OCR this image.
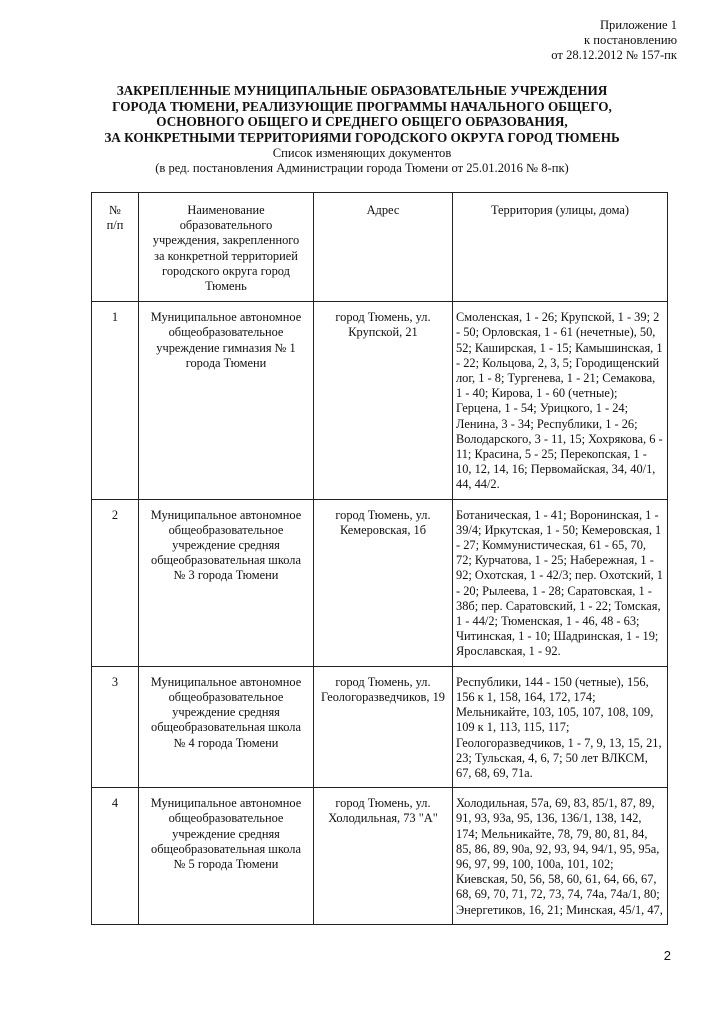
Приложение 1
к постановлению
от 28.12.2012 № 157-пк
ЗАКРЕПЛЕННЫЕ МУНИЦИПАЛЬНЫЕ ОБРАЗОВАТЕЛЬНЫЕ УЧРЕЖДЕНИЯ
ГОРОДА ТЮМЕНИ, РЕАЛИЗУЮЩИЕ ПРОГРАММЫ НАЧАЛЬНОГО ОБЩЕГО,
ОСНОВНОГО ОБЩЕГО И СРЕДНЕГО ОБЩЕГО ОБРАЗОВАНИЯ,
ЗА КОНКРЕТНЫМИ ТЕРРИТОРИЯМИ ГОРОДСКОГО ОКРУГА ГОРОД ТЮМЕНЬ
Список изменяющих документов
(в ред. постановления Администрации города Тюмени от 25.01.2016 № 8-пк)
№ п/п	Наименование образовательного учреждения, закрепленного за конкретной территорией городского округа город Тюмень	Адрес	Территория (улицы, дома)
1	Муниципальное автономное общеобразовательное учреждение гимназия № 1 города Тюмени	город Тюмень, ул. Крупской, 21	Смоленская, 1 - 26; Крупской, 1 - 39; 2 - 50; Орловская, 1 - 61 (нечетные), 50, 52; Каширская, 1 - 15; Камышинская, 1 - 22; Кольцова, 2, 3, 5; Городищенский лог, 1 - 8; Тургенева, 1 - 21; Семакова, 1 - 40; Кирова, 1 - 60 (четные); Герцена, 1 - 54; Урицкого, 1 - 24; Ленина, 3 - 34; Республики, 1 - 26; Володарского, 3 - 11, 15; Хохрякова, 6 - 11; Красина, 5 - 25; Перекопская, 1 - 10, 12, 14, 16; Первомайская, 34, 40/1, 44, 44/2.
2	Муниципальное автономное общеобразовательное учреждение средняя общеобразовательная школа № 3 города Тюмени	город Тюмень, ул. Кемеровская, 1б	Ботаническая, 1 - 41; Воронинская, 1 - 39/4; Иркутская, 1 - 50; Кемеровская, 1 - 27; Коммунистическая, 61 - 65, 70, 72; Курчатова, 1 - 25; Набережная, 1 - 92; Охотская, 1 - 42/3; пер. Охотский, 1 - 20; Рылеева, 1 - 28; Саратовская, 1 - 38б; пер. Саратовский, 1 - 22; Томская, 1 - 44/2; Тюменская, 1 - 46, 48 - 63; Читинская, 1 - 10; Шадринская, 1 - 19; Ярославская, 1 - 92.
3	Муниципальное автономное общеобразовательное учреждение средняя общеобразовательная школа № 4 города Тюмени	город Тюмень, ул. Геологоразведчиков, 19	Республики, 144 - 150 (четные), 156, 156 к 1, 158, 164, 172, 174; Мельникайте, 103, 105, 107, 108, 109, 109 к 1, 113, 115, 117; Геологоразведчиков, 1 - 7, 9, 13, 15, 21, 23; Тульская, 4, 6, 7; 50 лет ВЛКСМ, 67, 68, 69, 71а.
4	Муниципальное автономное общеобразовательное учреждение средняя общеобразовательная школа № 5 города Тюмени	город Тюмень, ул. Холодильная, 73 "А"	Холодильная, 57а, 69, 83, 85/1, 87, 89, 91, 93, 93а, 95, 136, 136/1, 138, 142, 174; Мельникайте, 78, 79, 80, 81, 84, 85, 86, 89, 90а, 92, 93, 94, 94/1, 95, 95а, 96, 97, 99, 100, 100а, 101, 102; Киевская, 50, 56, 58, 60, 61, 64, 66, 67, 68, 69, 70, 71, 72, 73, 74, 74а, 74а/1, 80; Энергетиков, 16, 21; Минская, 45/1, 47,
2
